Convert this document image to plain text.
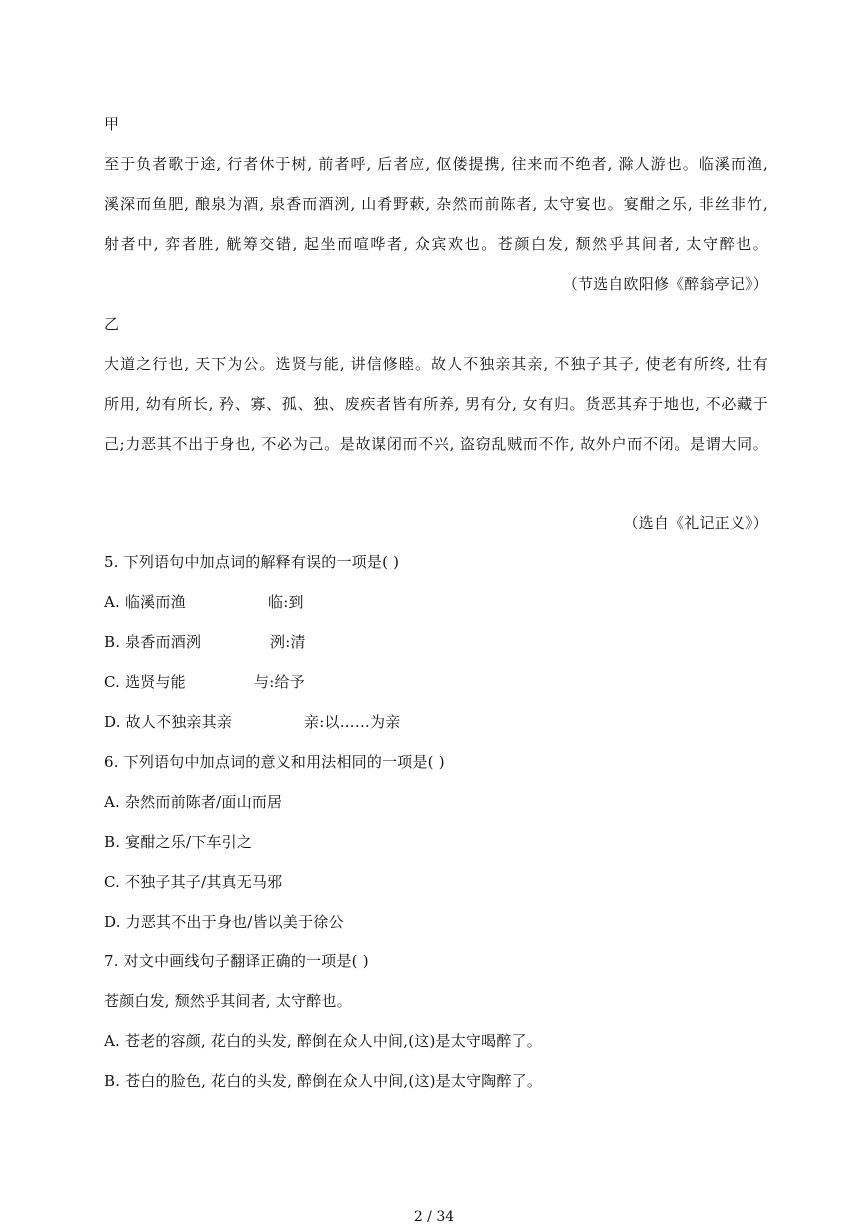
甲
至于负者歌于途, 行者休于树, 前者呼, 后者应, 伛偻提携, 往来而不绝者, 滁人游也。临溪而渔,
溪深而鱼肥, 酿泉为酒, 泉香而酒洌, 山肴野蔌, 杂然而前陈者, 太守宴也。宴酣之乐, 非丝非竹,
射者中, 弈者胜, 觥筹交错, 起坐而喧哗者, 众宾欢也。苍颜白发, 颓然乎其间者, 太守醉也。
（节选自欧阳修《醉翁亭记》）
乙
大道之行也, 天下为公。选贤与能, 讲信修睦。故人不独亲其亲, 不独子其子, 使老有所终, 壮有
所用, 幼有所长, 矜、寡、孤、独、废疾者皆有所养, 男有分, 女有归。货恶其弃于地也, 不必藏于
己;力恶其不出于身也, 不必为己。是故谋闭而不兴, 盗窃乱贼而不作, 故外户而不闭。是谓大同。
（选自《礼记正义》）
5. 下列语句中加点词的解释有误的一项是( )
A. 临溪而渔	临:到
B. 泉香而酒洌	洌:清
C. 选贤与能	与:给予
D. 故人不独亲其亲	亲:以……为亲
6. 下列语句中加点词的意义和用法相同的一项是( )
A. 杂然而前陈者/面山而居
B. 宴酣之乐/下车引之
C. 不独子其子/其真无马邪
D. 力恶其不出于身也/皆以美于徐公
7. 对文中画线句子翻译正确的一项是( )
苍颜白发, 颓然乎其间者, 太守醉也。
A. 苍老的容颜, 花白的头发, 醉倒在众人中间,(这)是太守喝醉了。
B. 苍白的脸色, 花白的头发, 醉倒在众人中间,(这)是太守陶醉了。
2 / 34
